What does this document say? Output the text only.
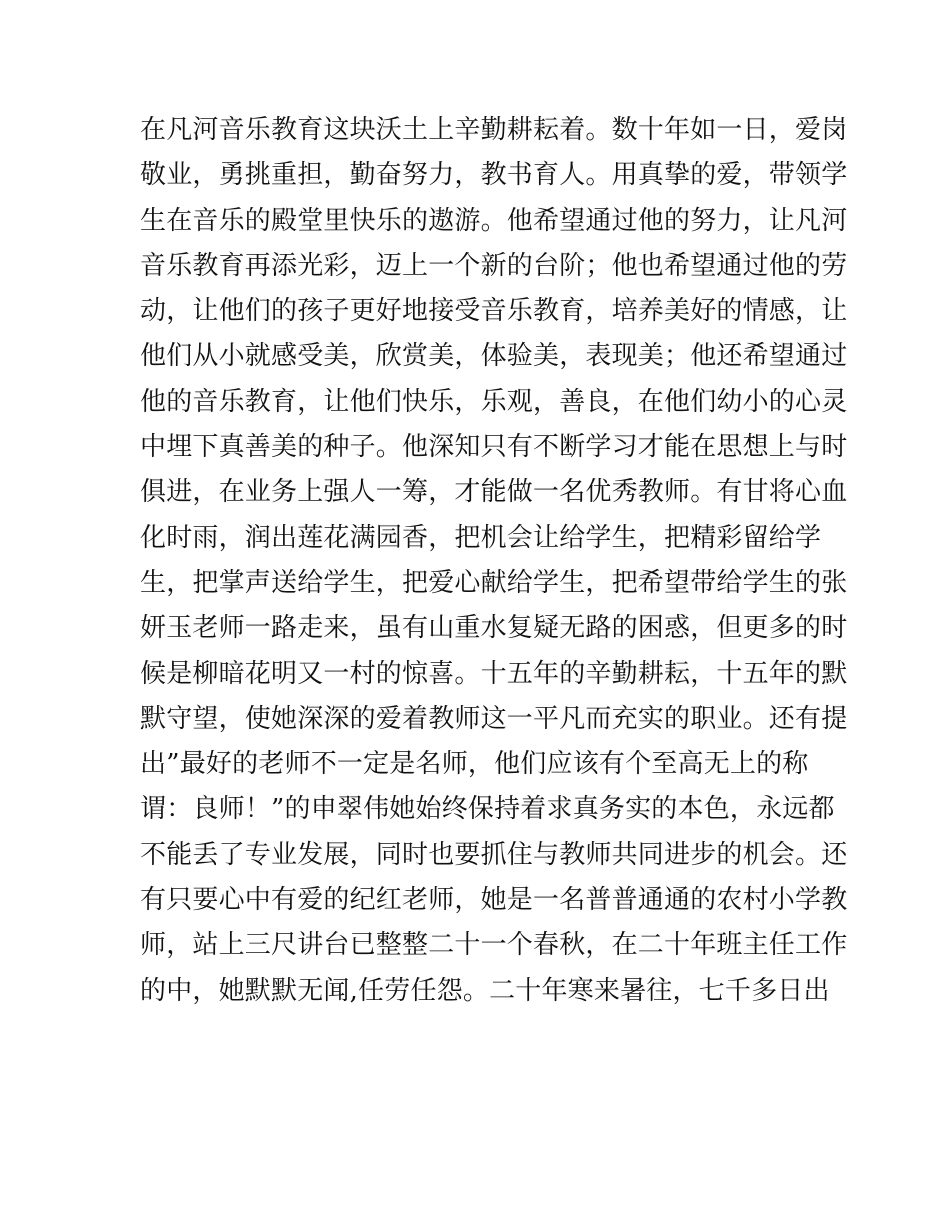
在凡河音乐教育这块沃土上辛勤耕耘着。数十年如一日，爱岗
敬业，勇挑重担，勤奋努力，教书育人。用真挚的爱，带领学
生在音乐的殿堂里快乐的遨游。他希望通过他的努力，让凡河
音乐教育再添光彩，迈上一个新的台阶；他也希望通过他的劳
动，让他们的孩子更好地接受音乐教育，培养美好的情感，让
他们从小就感受美，欣赏美，体验美，表现美；他还希望通过
他的音乐教育，让他们快乐，乐观，善良，在他们幼小的心灵
中埋下真善美的种子。他深知只有不断学习才能在思想上与时
俱进，在业务上强人一筹，才能做一名优秀教师。有甘将心血
化时雨，润出莲花满园香，把机会让给学生，把精彩留给学
生，把掌声送给学生，把爱心献给学生，把希望带给学生的张
妍玉老师一路走来，虽有山重水复疑无路的困惑，但更多的时
候是柳暗花明又一村的惊喜。十五年的辛勤耕耘，十五年的默
默守望，使她深深的爱着教师这一平凡而充实的职业。还有提
出”最好的老师不一定是名师，他们应该有个至高无上的称
谓：良师！”的申翠伟她始终保持着求真务实的本色，永远都
不能丢了专业发展，同时也要抓住与教师共同进步的机会。还
有只要心中有爱的纪红老师，她是一名普普通通的农村小学教
师，站上三尺讲台已整整二十一个春秋，在二十年班主任工作
的中，她默默无闻,任劳任怨。二十年寒来暑往，七千多日出
